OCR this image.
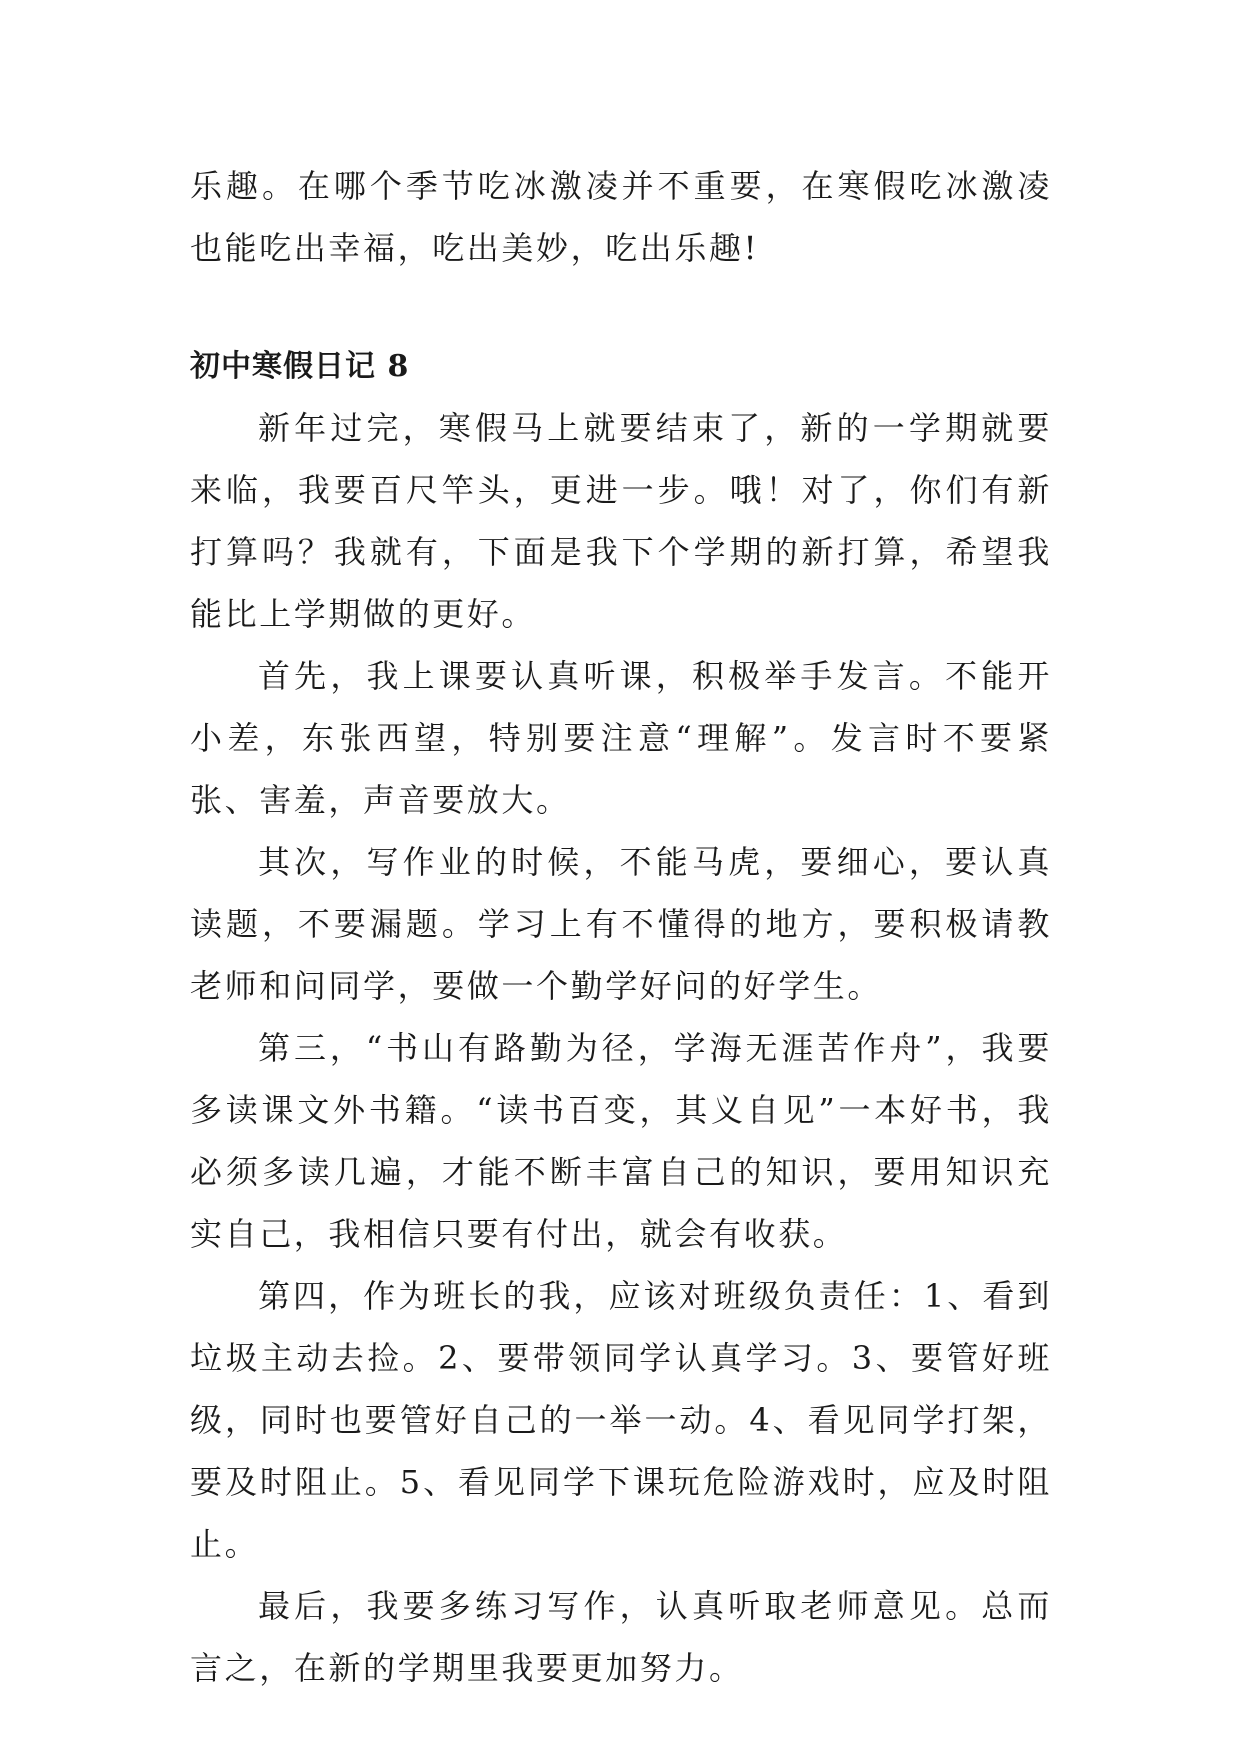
乐趣。在哪个季节吃冰激凌并不重要，在寒假吃冰激凌也能吃出幸福，吃出美妙，吃出乐趣!

初中寒假日记 8

新年过完，寒假马上就要结束了，新的一学期就要来临，我要百尺竿头，更进一步。哦！对了，你们有新打算吗？我就有，下面是我下个学期的新打算，希望我能比上学期做的更好。

首先，我上课要认真听课，积极举手发言。不能开小差，东张西望，特别要注意“理解”。发言时不要紧张、害羞，声音要放大。

其次，写作业的时候，不能马虎，要细心，要认真读题，不要漏题。学习上有不懂得的地方，要积极请教老师和问同学，要做一个勤学好问的好学生。

第三，“书山有路勤为径，学海无涯苦作舟”，我要多读课文外书籍。“读书百变，其义自见”一本好书，我必须多读几遍，才能不断丰富自己的知识，要用知识充实自己，我相信只要有付出，就会有收获。

第四，作为班长的我，应该对班级负责任：1、看到垃圾主动去捡。2、要带领同学认真学习。3、要管好班级，同时也要管好自己的一举一动。4、看见同学打架，要及时阻止。5、看见同学下课玩危险游戏时，应及时阻止。

最后，我要多练习写作，认真听取老师意见。总而言之，在新的学期里我要更加努力。
